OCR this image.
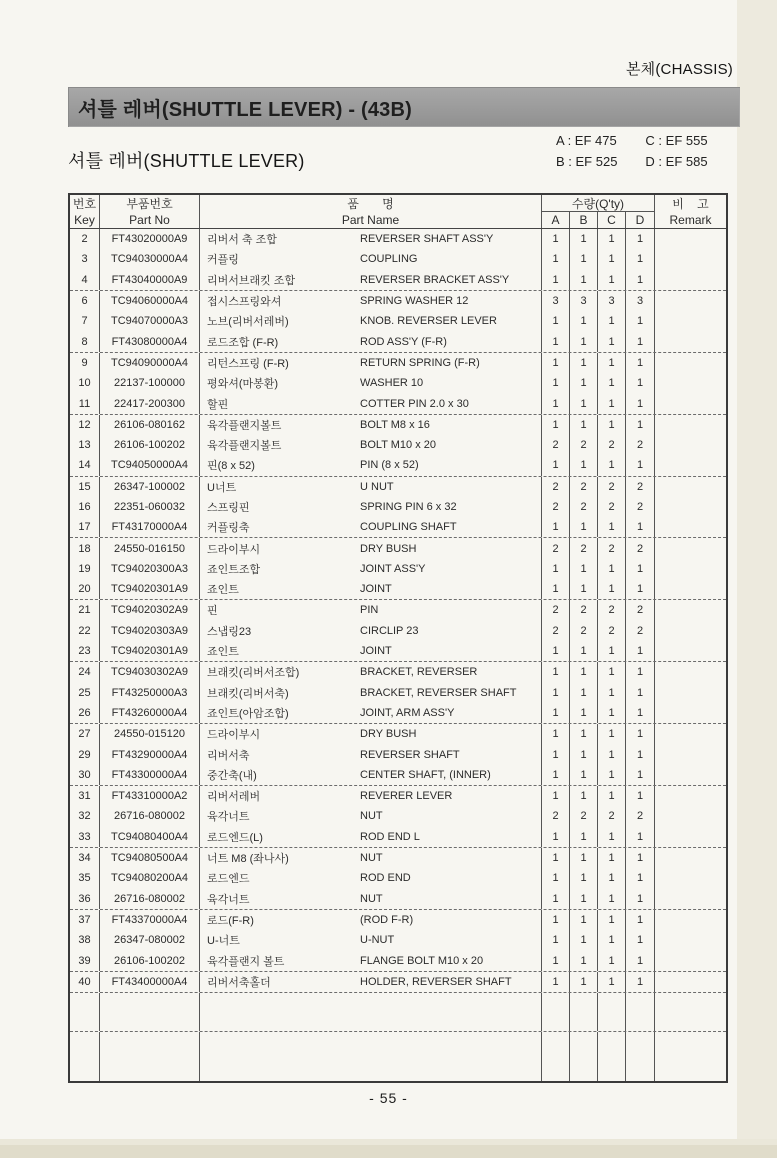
본체(CHASSIS)
셔틀 레버(SHUTTLE LEVER) - (43B)
셔틀 레버(SHUTTLE LEVER)
A : EF 475
B : EF 525
C : EF 555
D : EF 585
번호
Key
부품번호
Part No
품       명
Part Name
수량(Q'ty)
A	B	C	D
비    고
Remark
2	FT43020000A9	리버서 축 조합	REVERSER SHAFT ASS'Y	1	1	1	1
3	TC94030000A4	커플링	COUPLING	1	1	1	1
4	FT43040000A9	리버서브래킷 조합	REVERSER BRACKET ASS'Y	1	1	1	1
6	TC94060000A4	접시스프링와셔	SPRING WASHER 12	3	3	3	3
7	TC94070000A3	노브(리버서레버)	KNOB. REVERSER LEVER	1	1	1	1
8	FT43080000A4	로드조합 (F-R)	ROD ASS'Y (F-R)	1	1	1	1
9	TC94090000A4	리턴스프링 (F-R)	RETURN SPRING (F-R)	1	1	1	1
10	22137-100000	평와셔(마봉환)	WASHER 10	1	1	1	1
11	22417-200300	할핀	COTTER PIN 2.0 x 30	1	1	1	1
12	26106-080162	육각플랜지볼트	BOLT M8 x 16	1	1	1	1
13	26106-100202	육각플랜지볼트	BOLT M10 x 20	2	2	2	2
14	TC94050000A4	핀(8 x 52)	PIN (8 x 52)	1	1	1	1
15	26347-100002	U너트	U NUT	2	2	2	2
16	22351-060032	스프링핀	SPRING PIN 6 x 32	2	2	2	2
17	FT43170000A4	커플링축	COUPLING SHAFT	1	1	1	1
18	24550-016150	드라이부시	DRY BUSH	2	2	2	2
19	TC94020300A3	죠인트조합	JOINT ASS'Y	1	1	1	1
20	TC94020301A9	죠인트	JOINT	1	1	1	1
21	TC94020302A9	핀	PIN	2	2	2	2
22	TC94020303A9	스냅링23	CIRCLIP 23	2	2	2	2
23	TC94020301A9	죠인트	JOINT	1	1	1	1
24	TC94030302A9	브래킷(리버서조합)	BRACKET, REVERSER	1	1	1	1
25	FT43250000A3	브래킷(리버서축)	BRACKET, REVERSER SHAFT	1	1	1	1
26	FT43260000A4	죠인트(아암조합)	JOINT, ARM ASS'Y	1	1	1	1
27	24550-015120	드라이부시	DRY BUSH	1	1	1	1
29	FT43290000A4	리버서축	REVERSER SHAFT	1	1	1	1
30	FT43300000A4	중간축(내)	CENTER SHAFT, (INNER)	1	1	1	1
31	FT43310000A2	리버서레버	REVERER LEVER	1	1	1	1
32	26716-080002	육각너트	NUT	2	2	2	2
33	TC94080400A4	로드엔드(L)	ROD END L	1	1	1	1
34	TC94080500A4	너트 M8 (좌나사)	NUT	1	1	1	1
35	TC94080200A4	로드엔드	ROD END	1	1	1	1
36	26716-080002	육각너트	NUT	1	1	1	1
37	FT43370000A4	로드(F-R)	(ROD F-R)	1	1	1	1
38	26347-080002	U-너트	U-NUT	1	1	1	1
39	26106-100202	육각플랜지 볼트	FLANGE BOLT M10 x 20	1	1	1	1
40	FT43400000A4	리버서축홀더	HOLDER, REVERSER SHAFT	1	1	1	1
- 55 -
